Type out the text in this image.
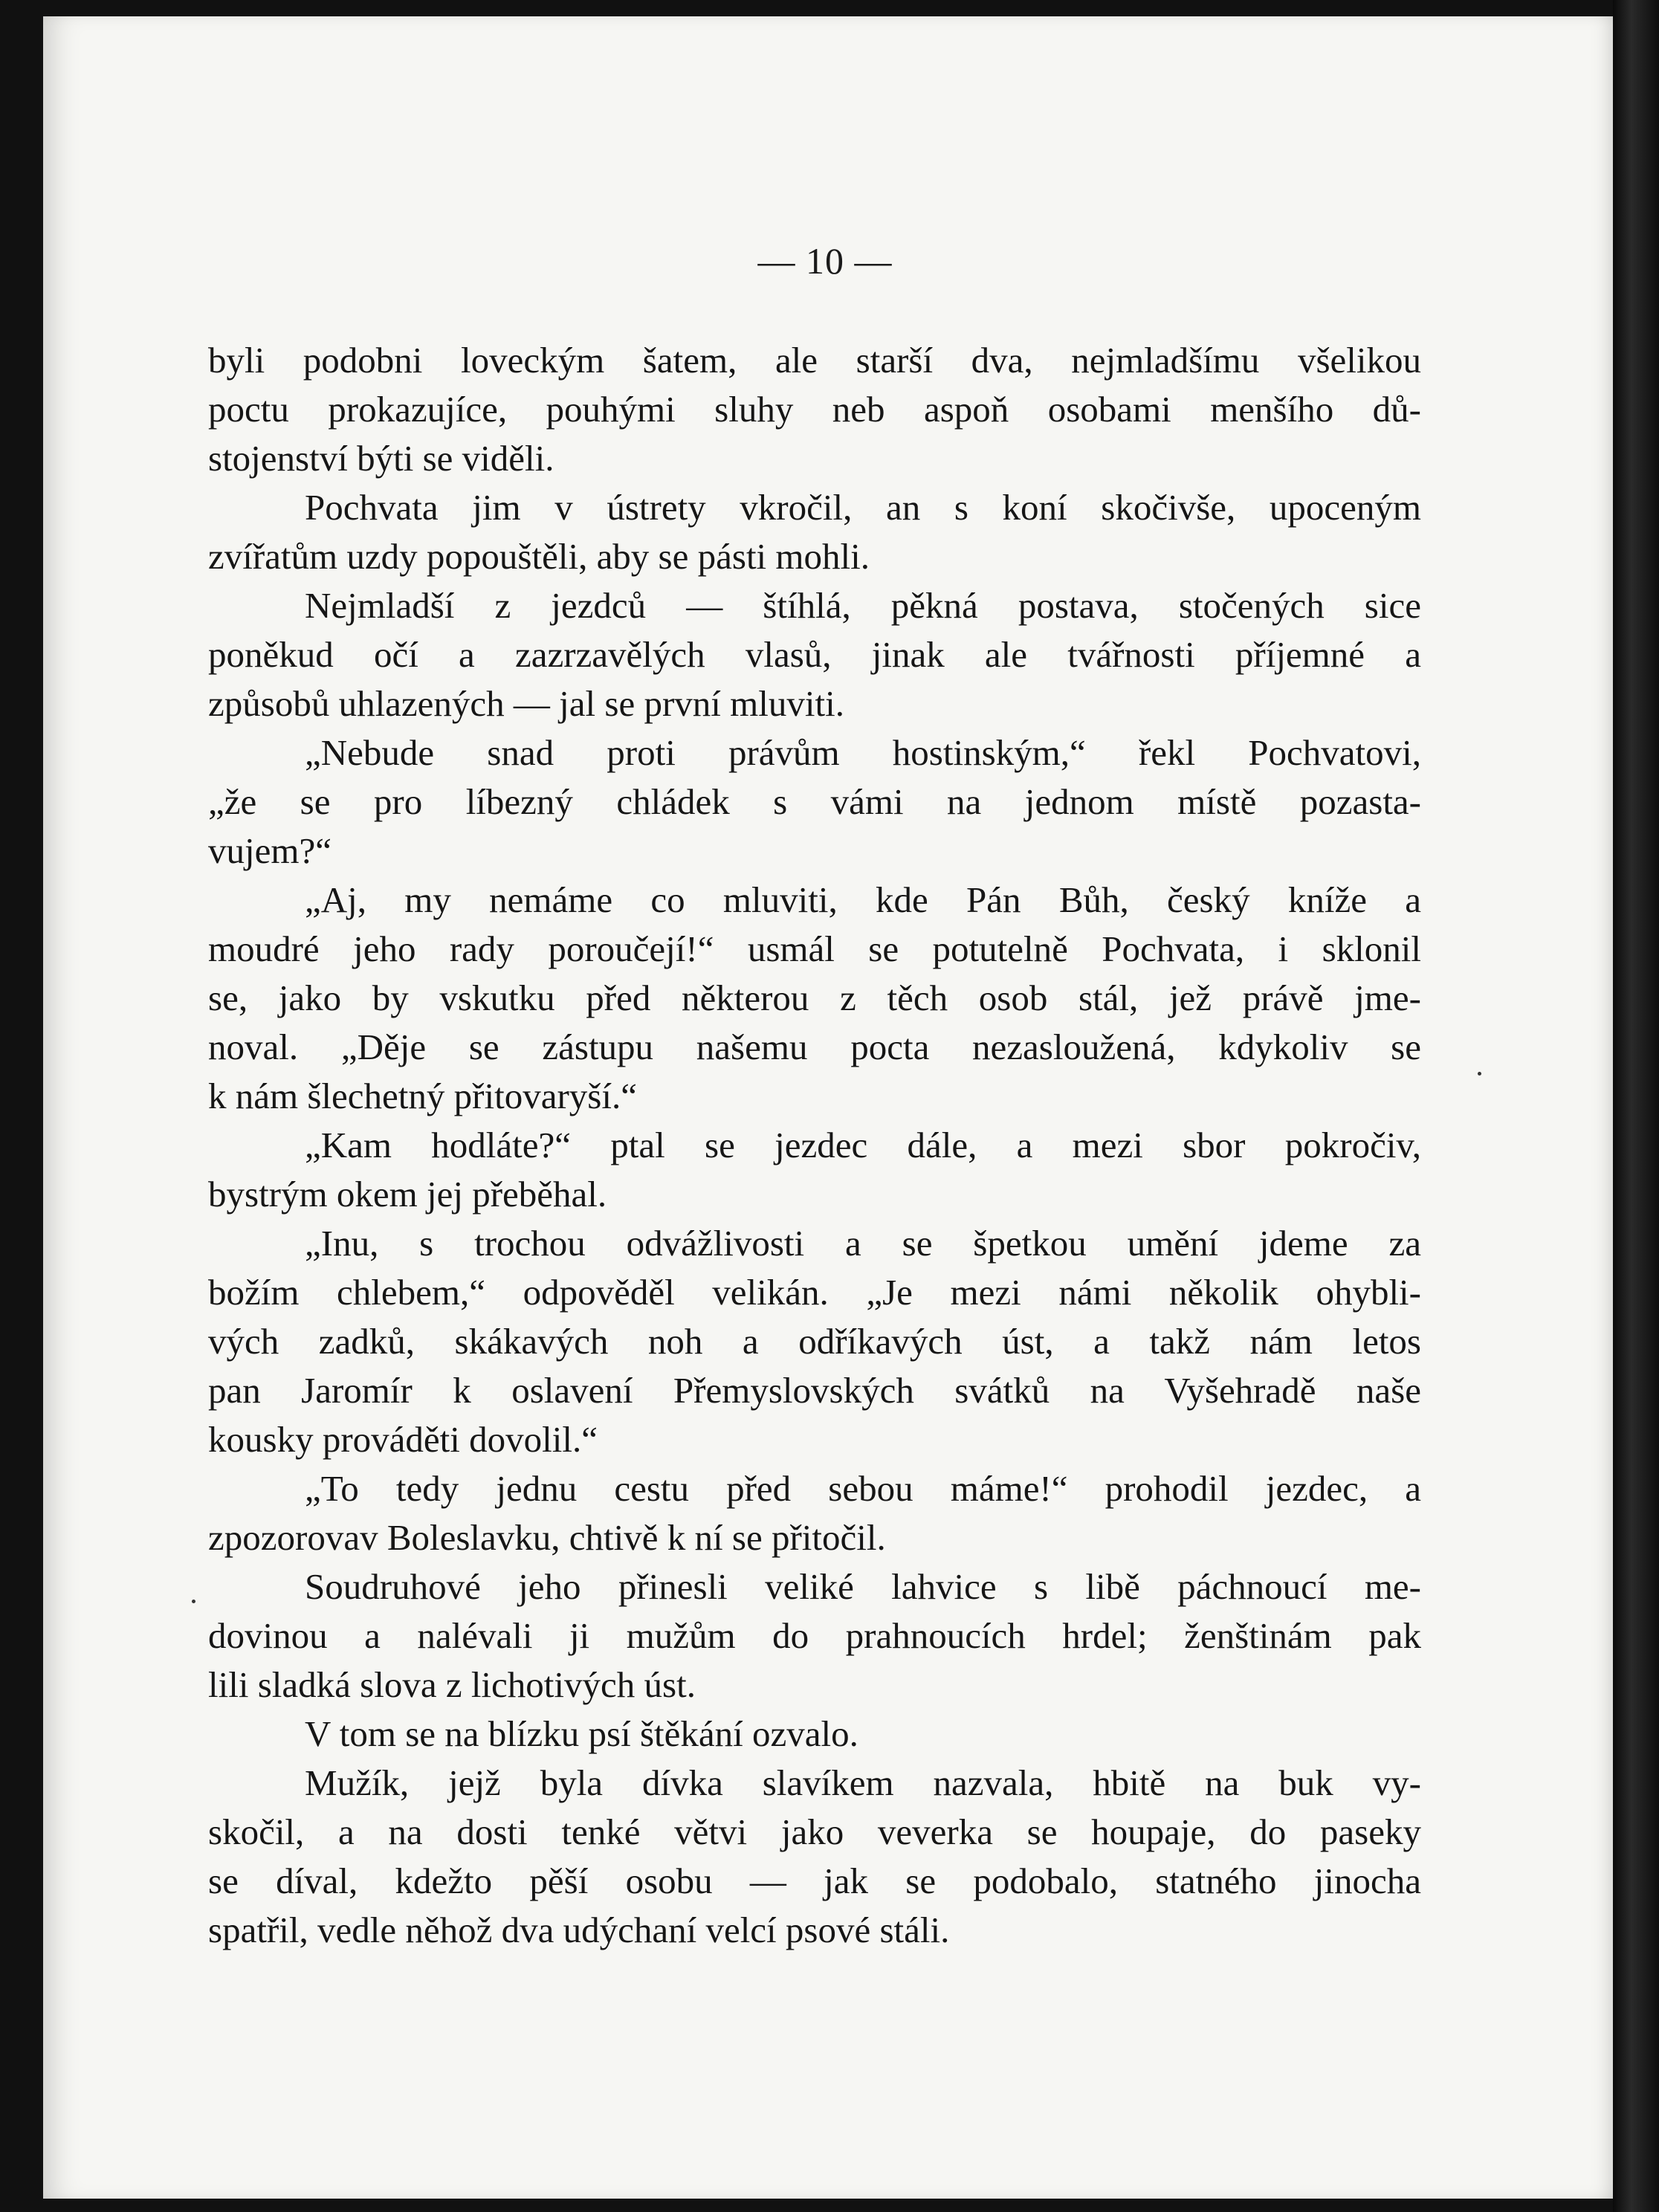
— 10 —
byli podobni loveckým šatem, ale starší dva, nejmladšímu všelikou
poctu prokazujíce, pouhými sluhy neb aspoň osobami menšího dů-
stojenství býti se viděli.
Pochvata jim v ústrety vkročil, an s koní skočivše, upoceným
zvířatům uzdy popouštěli, aby se pásti mohli.
Nejmladší z jezdců — štíhlá, pěkná postava, stočených sice
poněkud očí a zazrzavělých vlasů, jinak ale tvářnosti příjemné a
způsobů uhlazených — jal se první mluviti.
„Nebude snad proti právům hostinským,“ řekl Pochvatovi,
„že se pro líbezný chládek s vámi na jednom místě pozasta-
vujem?“
„Aj, my nemáme co mluviti, kde Pán Bůh, český kníže a
moudré jeho rady poroučejí!“ usmál se potutelně Pochvata, i sklonil
se, jako by vskutku před některou z těch osob stál, jež právě jme-
noval. „Děje se zástupu našemu pocta nezasloužená, kdykoliv se
k nám šlechetný přitovaryší.“
„Kam hodláte?“ ptal se jezdec dále, a mezi sbor pokročiv,
bystrým okem jej přeběhal.
„Inu, s trochou odvážlivosti a se špetkou umění jdeme za
božím chlebem,“ odpověděl velikán. „Je mezi námi několik ohybli-
vých zadků, skákavých noh a odříkavých úst, a takž nám letos
pan Jaromír k oslavení Přemyslovských svátků na Vyšehradě naše
kousky prováděti dovolil.“
„To tedy jednu cestu před sebou máme!“ prohodil jezdec, a
zpozorovav Boleslavku, chtivě k ní se přitočil.
Soudruhové jeho přinesli veliké lahvice s libě páchnoucí me-
dovinou a nalévali ji mužům do prahnoucích hrdel; ženštinám pak
lili sladká slova z lichotivých úst.
V tom se na blízku psí štěkání ozvalo.
Mužík, jejž byla dívka slavíkem nazvala, hbitě na buk vy-
skočil, a na dosti tenké větvi jako veverka se houpaje, do paseky
se díval, kdežto pěší osobu — jak se podobalo, statného jinocha
spatřil, vedle něhož dva udýchaní velcí psové stáli.
